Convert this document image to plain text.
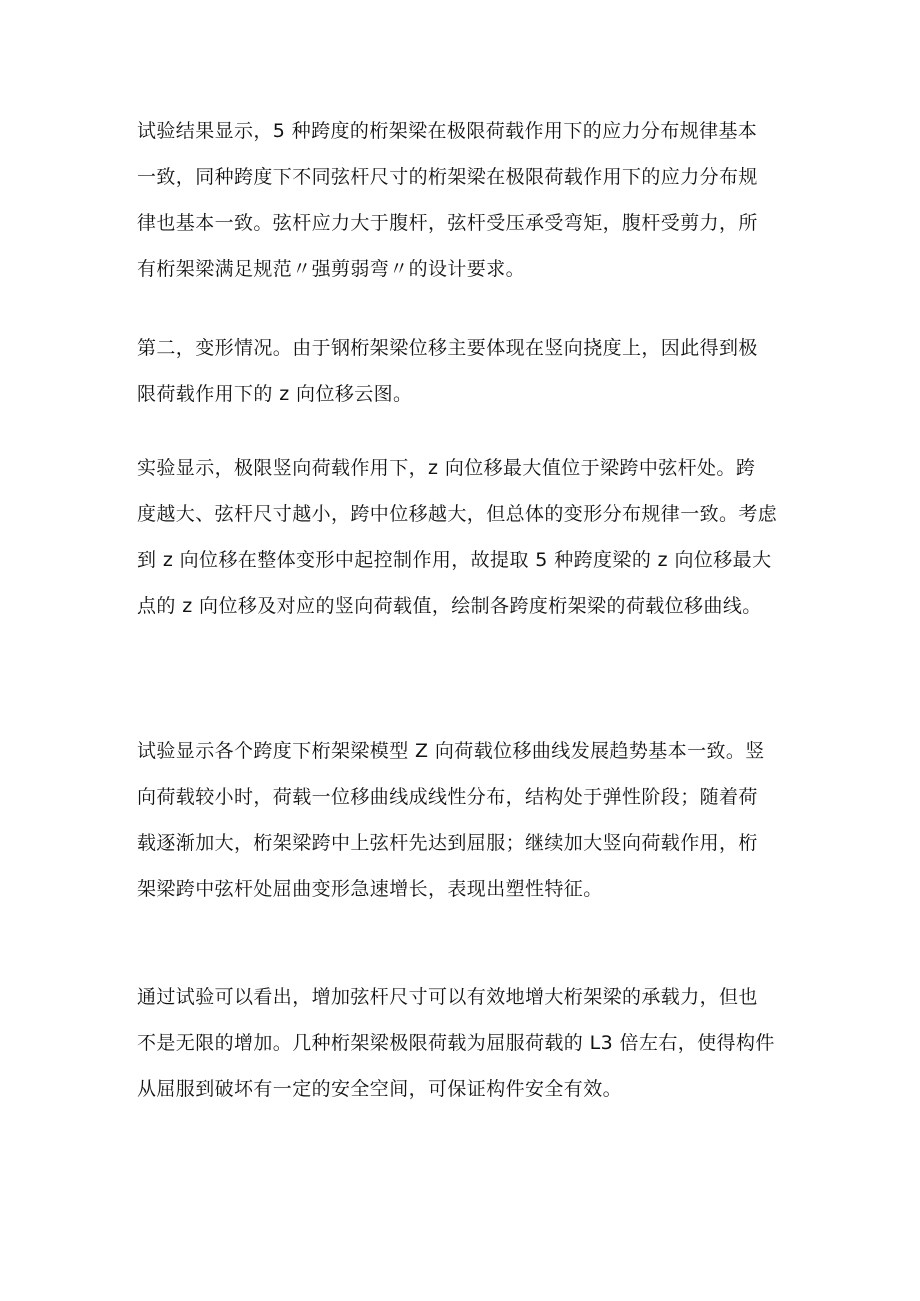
试验结果显示，5 种跨度的桁架梁在极限荷载作用下的应力分布规律基本
一致，同种跨度下不同弦杆尺寸的桁架梁在极限荷载作用下的应力分布规
律也基本一致。弦杆应力大于腹杆，弦杆受压承受弯矩，腹杆受剪力，所
有桁架梁满足规范〃强剪弱弯〃的设计要求。
第二，变形情况。由于钢桁架梁位移主要体现在竖向挠度上，因此得到极
限荷载作用下的 z 向位移云图。
实验显示，极限竖向荷载作用下，z 向位移最大值位于梁跨中弦杆处。跨
度越大、弦杆尺寸越小，跨中位移越大，但总体的变形分布规律一致。考虑
到 z 向位移在整体变形中起控制作用，故提取 5 种跨度梁的 z 向位移最大
点的 z 向位移及对应的竖向荷载值，绘制各跨度桁架梁的荷载位移曲线。
试验显示各个跨度下桁架梁模型 Z 向荷载位移曲线发展趋势基本一致。竖
向荷载较小时，荷载一位移曲线成线性分布，结构处于弹性阶段；随着荷
载逐渐加大，桁架梁跨中上弦杆先达到屈服；继续加大竖向荷载作用，桁
架梁跨中弦杆处屈曲变形急速增长，表现出塑性特征。
通过试验可以看出，增加弦杆尺寸可以有效地增大桁架梁的承载力，但也
不是无限的增加。几种桁架梁极限荷载为屈服荷载的 L3 倍左右，使得构件
从屈服到破坏有一定的安全空间，可保证构件安全有效。
